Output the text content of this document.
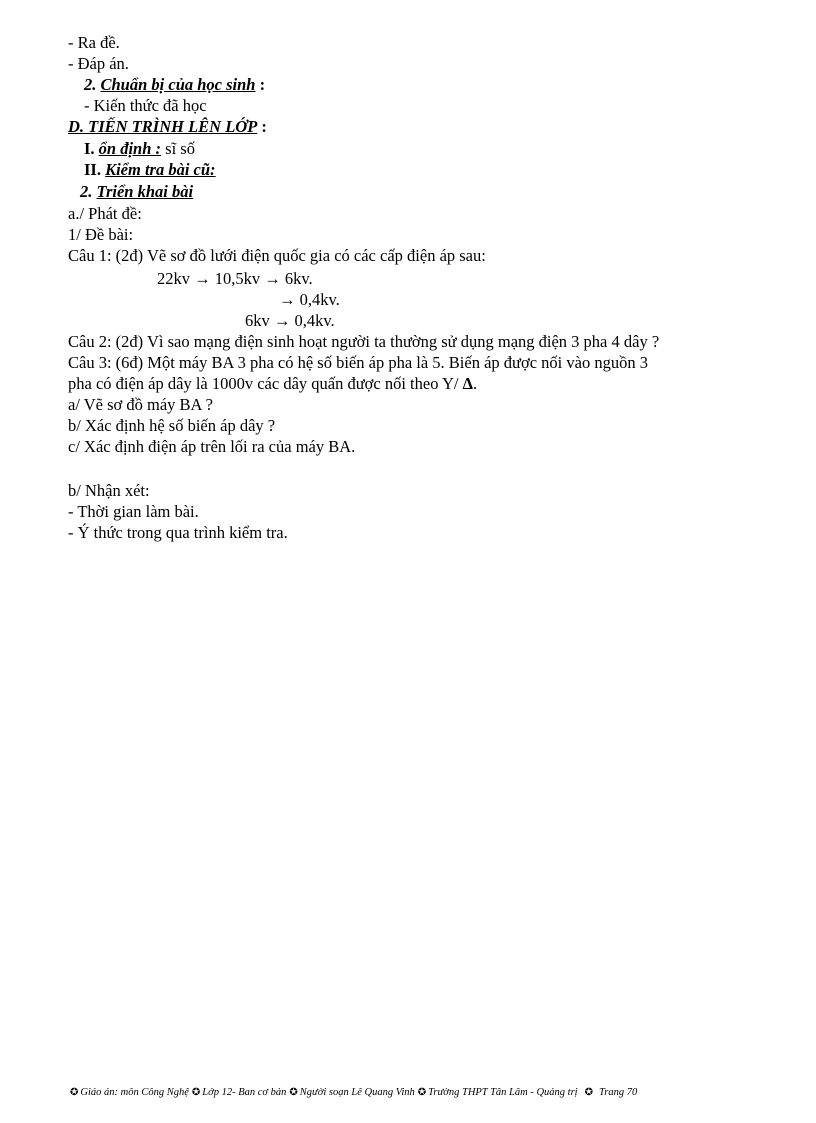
- Ra đề.
- Đáp án.
2. Chuẩn bị của học sinh :
- Kiến thức đã học
D. TIẾN TRÌNH LÊN LỚP :
I. ổn định : sĩ số
II. Kiểm tra bài cũ:
2. Triển khai bài
a./ Phát đề:
1/ Đề bài:
Câu 1: (2đ) Vẽ sơ đồ lưới điện quốc gia có các cấp điện áp sau:
22kv → 10,5kv → 6kv.
→ 0,4kv.
6kv → 0,4kv.
Câu 2: (2đ) Vì sao mạng điện sinh hoạt người ta thường sử dụng mạng điện 3 pha 4 dây ?
Câu 3: (6đ) Một máy BA 3 pha có hệ số biến áp pha là 5. Biến áp được nối vào nguồn 3
pha có điện áp dây là 1000v các dây quấn được nối theo Y/ Δ.
a/ Vẽ sơ đồ máy BA ?
b/ Xác định hệ số biến áp dây ?
c/ Xác định điện áp trên lối ra của máy BA.
b/ Nhận xét:
- Thời gian làm bài.
- Ý thức trong qua trình kiểm tra.
✪ Giáo án: môn Công Nghệ ✪ Lớp 12- Ban cơ bản ✪ Người soạn Lê Quang Vinh ✪ Trường THPT Tân Lâm - Quảng trị ✪ Trang 70
